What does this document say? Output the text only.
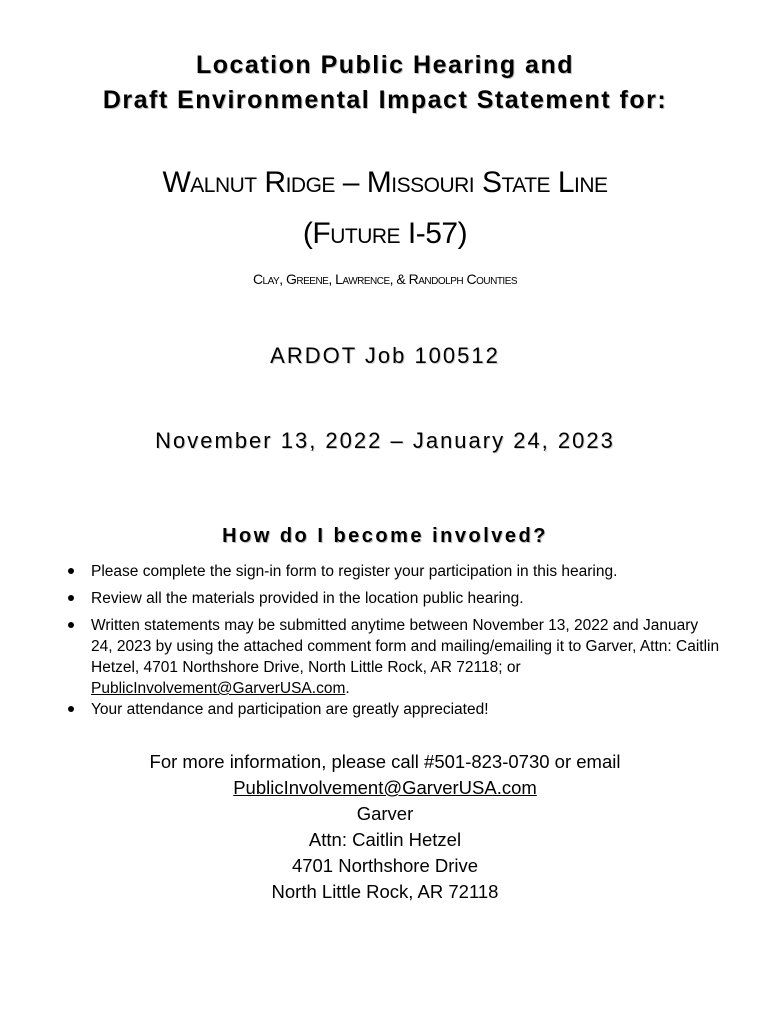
Location Public Hearing and
Draft Environmental Impact Statement for:
Walnut Ridge – Missouri State Line
(Future I-57)
Clay, Greene, Lawrence, & Randolph Counties
ARDOT Job 100512
November 13, 2022 – January 24, 2023
How do I become involved?
Please complete the sign-in form to register your participation in this hearing.
Review all the materials provided in the location public hearing.
Written statements may be submitted anytime between November 13, 2022 and January 24, 2023 by using the attached comment form and mailing/emailing it to Garver, Attn: Caitlin Hetzel, 4701 Northshore Drive, North Little Rock, AR 72118; or PublicInvolvement@GarverUSA.com.
Your attendance and participation are greatly appreciated!
For more information, please call #501-823-0730 or email
PublicInvolvement@GarverUSA.com
Garver
Attn: Caitlin Hetzel
4701 Northshore Drive
North Little Rock, AR 72118
